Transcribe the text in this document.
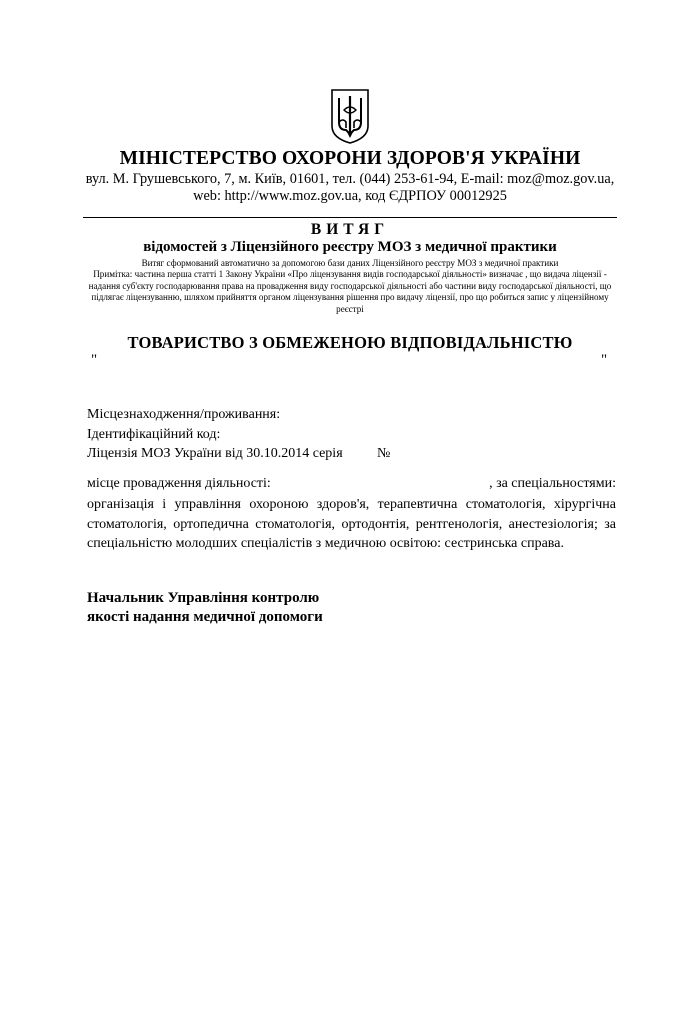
МІНІСТЕРСТВО ОХОРОНИ ЗДОРОВ'Я УКРАЇНИ
вул. М. Грушевського, 7, м. Київ, 01601, тел. (044) 253-61-94, E-mail: moz@moz.gov.ua,
web: http://www.moz.gov.ua, код ЄДРПОУ 00012925
ВИТЯГ
відомостей з Ліцензійного реєстру МОЗ з медичної практики
Витяг сформований автоматично за допомогою бази даних Ліцензійного реєстру МОЗ з медичної практики
Примітка: частина перша статті 1 Закону України «Про ліцензування видів господарської діяльності» визначає , що видача ліцензії - надання суб'єкту господарювання права на провадження виду господарської діяльності або частини виду господарської діяльності, що підлягає ліцензуванню, шляхом прийняття органом ліцензування рішення про видачу ліцензії, про що робиться запис у ліцензійному реєстрі
ТОВАРИСТВО З ОБМЕЖЕНОЮ ВІДПОВІДАЛЬНІСТЮ
"	"
Місцезнаходження/проживання:
Ідентифікаційний код:
Ліцензія МОЗ України від 30.10.2014 серія №
місце провадження діяльності:	, за спеціальностями:
організація і управління охороною здоров'я, терапевтична стоматологія, хірургічна стоматологія, ортопедична стоматологія, ортодонтія, рентгенологія, анестезіологія; за спеціальністю молодших спеціалістів з медичною освітою: сестринська справа.
Начальник Управління контролю
якості надання медичної допомоги
